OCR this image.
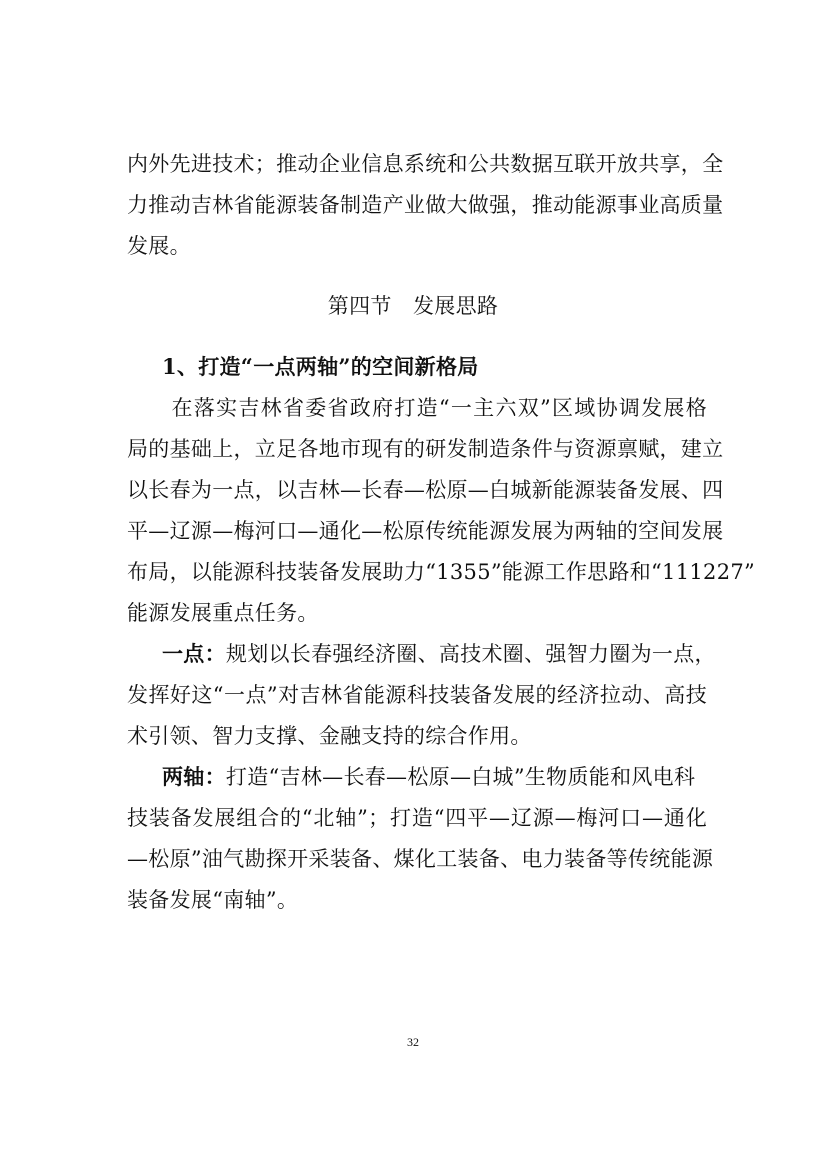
内外先进技术；推动企业信息系统和公共数据互联开放共享，全
力推动吉林省能源装备制造产业做大做强，推动能源事业高质量
发展。
第四节　发展思路
1、打造“一点两轴”的空间新格局
　　在落实吉林省委省政府打造“一主六双”区域协调发展格
局的基础上，立足各地市现有的研发制造条件与资源禀赋，建立
以长春为一点，以吉林—长春—松原—白城新能源装备发展、四
平—辽源—梅河口—通化—松原传统能源发展为两轴的空间发展
布局，以能源科技装备发展助力“1355”能源工作思路和“111227”
能源发展重点任务。
一点：规划以长春强经济圈、高技术圈、强智力圈为一点，
发挥好这“一点”对吉林省能源科技装备发展的经济拉动、高技
术引领、智力支撑、金融支持的综合作用。
两轴：打造“吉林—长春—松原—白城”生物质能和风电科
技装备发展组合的“北轴”；打造“四平—辽源—梅河口—通化
—松原”油气勘探开采装备、煤化工装备、电力装备等传统能源
装备发展“南轴”。
32
